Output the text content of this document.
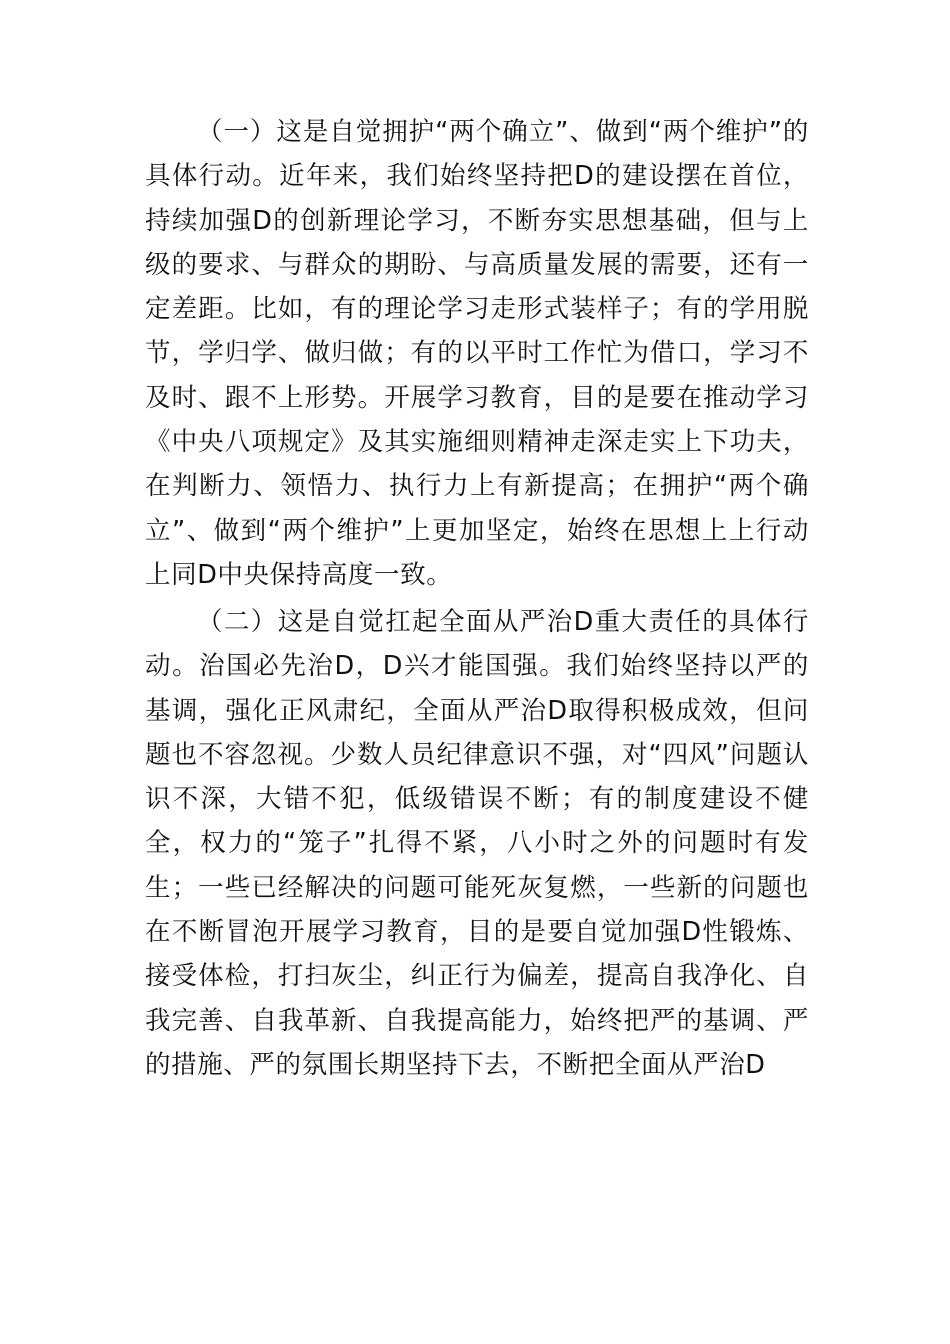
（一）这是自觉拥护“两个确立”、做到“两个维护”的具体行动。近年来，我们始终坚持把D的建设摆在首位，持续加强D的创新理论学习，不断夯实思想基础，但与上级的要求、与群众的期盼、与高质量发展的需要，还有一定差距。比如，有的理论学习走形式装样子；有的学用脱节，学归学、做归做；有的以平时工作忙为借口，学习不及时、跟不上形势。开展学习教育，目的是要在推动学习《中央八项规定》及其实施细则精神走深走实上下功夫，在判断力、领悟力、执行力上有新提高；在拥护“两个确立”、做到“两个维护”上更加坚定，始终在思想上上行动上同D中央保持高度一致。

（二）这是自觉扛起全面从严治D重大责任的具体行动。治国必先治D，D兴才能国强。我们始终坚持以严的基调，强化正风肃纪，全面从严治D取得积极成效，但问题也不容忽视。少数人员纪律意识不强，对“四风”问题认识不深，大错不犯，低级错误不断；有的制度建设不健全，权力的“笼子”扎得不紧，八小时之外的问题时有发生；一些已经解决的问题可能死灰复燃，一些新的问题也在不断冒泡开展学习教育，目的是要自觉加强D性锻炼、接受体检，打扫灰尘，纠正行为偏差，提高自我净化、自我完善、自我革新、自我提高能力，始终把严的基调、严的措施、严的氛围长期坚持下去，不断把全面从严治D
